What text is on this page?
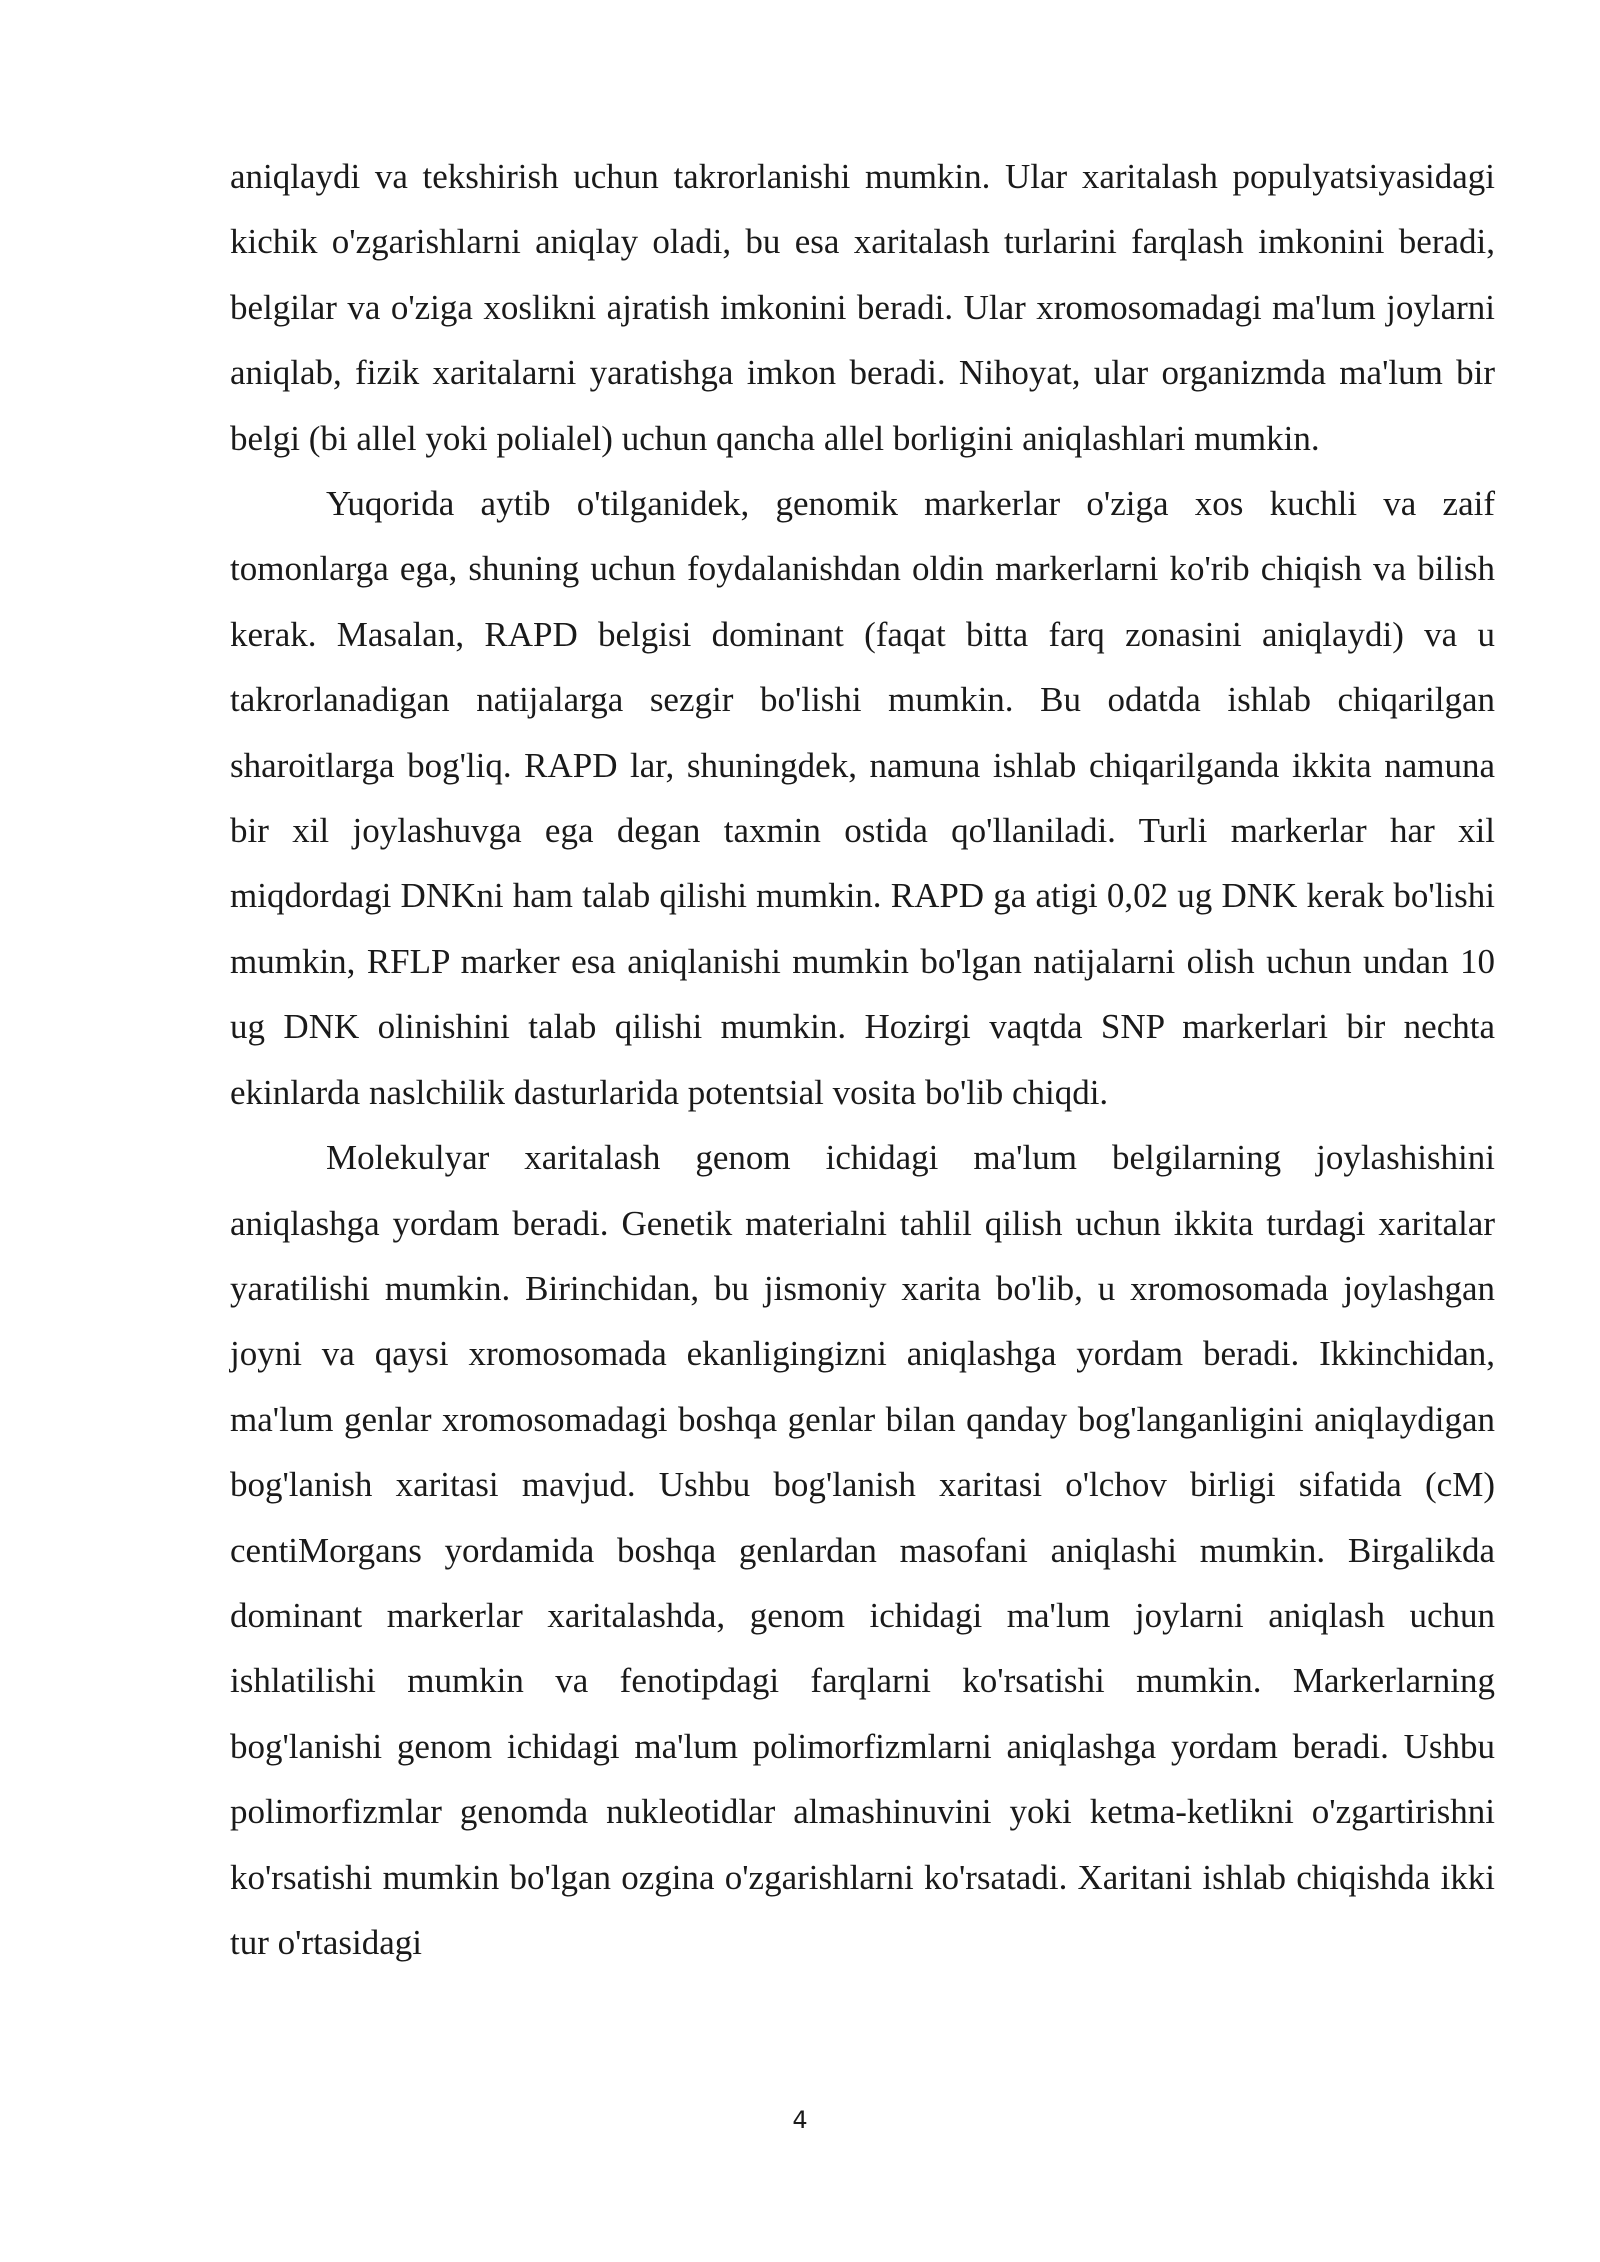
aniqlaydi va tekshirish uchun takrorlanishi mumkin. Ular xaritalash populyatsiyasidagi kichik o'zgarishlarni aniqlay oladi, bu esa xaritalash turlarini farqlash imkonini beradi, belgilar va o'ziga xoslikni ajratish imkonini beradi. Ular xromosomadagi ma'lum joylarni aniqlab, fizik xaritalarni yaratishga imkon beradi. Nihoyat, ular organizmda ma'lum bir belgi (bi allel yoki polialel) uchun qancha allel borligini aniqlashlari mumkin.

Yuqorida aytib o'tilganidek, genomik markerlar o'ziga xos kuchli va zaif tomonlarga ega, shuning uchun foydalanishdan oldin markerlarni ko'rib chiqish va bilish kerak. Masalan, RAPD belgisi dominant (faqat bitta farq zonasini aniqlaydi) va u takrorlanadigan natijalarga sezgir bo'lishi mumkin. Bu odatda ishlab chiqarilgan sharoitlarga bog'liq. RAPD lar, shuningdek, namuna ishlab chiqarilganda ikkita namuna bir xil joylashuvga ega degan taxmin ostida qo'llaniladi. Turli markerlar har xil miqdordagi DNKni ham talab qilishi mumkin. RAPD ga atigi 0,02 ug DNK kerak bo'lishi mumkin, RFLP marker esa aniqlanishi mumkin bo'lgan natijalarni olish uchun undan 10 ug DNK olinishini talab qilishi mumkin. Hozirgi vaqtda SNP markerlari bir nechta ekinlarda naslchilik dasturlarida potentsial vosita bo'lib chiqdi.

Molekulyar xaritalash genom ichidagi ma'lum belgilarning joylashishini aniqlashga yordam beradi. Genetik materialni tahlil qilish uchun ikkita turdagi xaritalar yaratilishi mumkin. Birinchidan, bu jismoniy xarita bo'lib, u xromosomada joylashgan joyni va qaysi xromosomada ekanligingizni aniqlashga yordam beradi. Ikkinchidan, ma'lum genlar xromosomadagi boshqa genlar bilan qanday bog'langanligini aniqlaydigan bog'lanish xaritasi mavjud. Ushbu bog'lanish xaritasi o'lchov birligi sifatida (cM) centiMorgans yordamida boshqa genlardan masofani aniqlashi mumkin. Birgalikda dominant markerlar xaritalashda, genom ichidagi ma'lum joylarni aniqlash uchun ishlatilishi mumkin va fenotipdagi farqlarni ko'rsatishi mumkin. Markerlarning bog'lanishi genom ichidagi ma'lum polimorfizmlarni aniqlashga yordam beradi. Ushbu polimorfizmlar genomda nukleotidlar almashinuvini yoki ketma-ketlikni o'zgartirishni ko'rsatishi mumkin bo'lgan ozgina o'zgarishlarni ko'rsatadi. Xaritani ishlab chiqishda ikki tur o'rtasidagi

4
